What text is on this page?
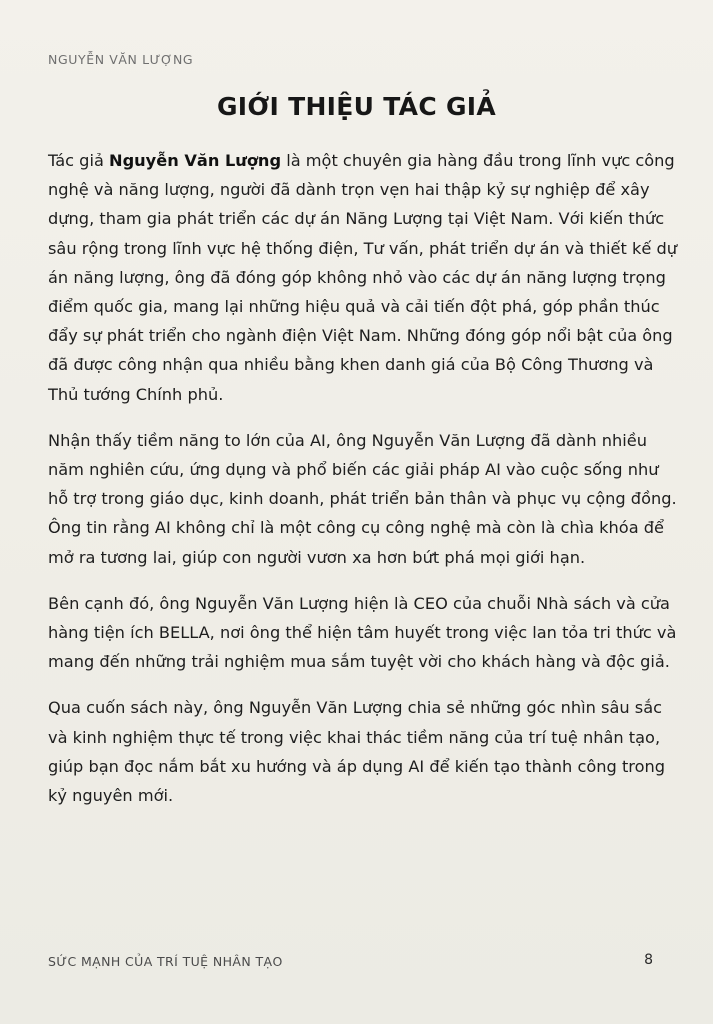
NGUYỄN VĂN LƯỢNG
GIỚI THIỆU TÁC GIẢ

Tác giả Nguyễn Văn Lượng là một chuyên gia hàng đầu trong lĩnh vực công nghệ và năng lượng, người đã dành trọn vẹn hai thập kỷ sự nghiệp để xây dựng, tham gia phát triển các dự án Năng Lượng tại Việt Nam. Với kiến thức sâu rộng trong lĩnh vực hệ thống điện, Tư vấn, phát triển dự án và thiết kế dự án năng lượng, ông đã đóng góp không nhỏ vào các dự án năng lượng trọng điểm quốc gia, mang lại những hiệu quả và cải tiến đột phá, góp phần thúc đẩy sự phát triển cho ngành điện Việt Nam. Những đóng góp nổi bật của ông đã được công nhận qua nhiều bằng khen danh giá của Bộ Công Thương và Thủ tướng Chính phủ.

Nhận thấy tiềm năng to lớn của AI, ông Nguyễn Văn Lượng đã dành nhiều năm nghiên cứu, ứng dụng và phổ biến các giải pháp AI vào cuộc sống như hỗ trợ trong giáo dục, kinh doanh, phát triển bản thân và phục vụ cộng đồng. Ông tin rằng AI không chỉ là một công cụ công nghệ mà còn là chìa khóa để mở ra tương lai, giúp con người vươn xa hơn bứt phá mọi giới hạn.

Bên cạnh đó, ông Nguyễn Văn Lượng hiện là CEO của chuỗi Nhà sách và cửa hàng tiện ích BELLA, nơi ông thể hiện tâm huyết trong việc lan tỏa tri thức và mang đến những trải nghiệm mua sắm tuyệt vời cho khách hàng và độc giả.

Qua cuốn sách này, ông Nguyễn Văn Lượng chia sẻ những góc nhìn sâu sắc và kinh nghiệm thực tế trong việc khai thác tiềm năng của trí tuệ nhân tạo, giúp bạn đọc nắm bắt xu hướng và áp dụng AI để kiến tạo thành công trong kỷ nguyên mới.

SỨC MẠNH CỦA TRÍ TUỆ NHÂN TẠO	8
